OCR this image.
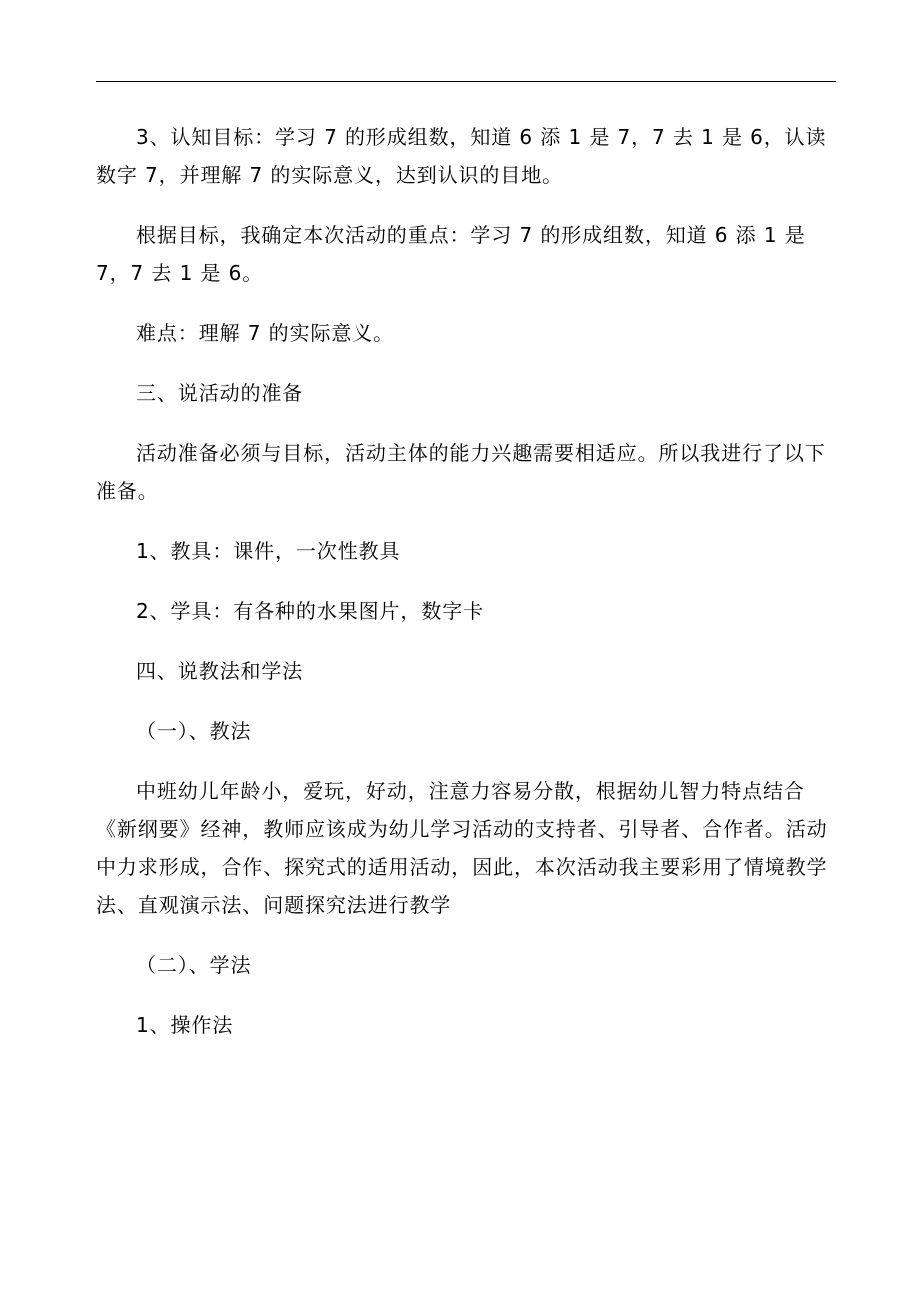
3、认知目标：学习 7 的形成组数，知道 6 添 1 是 7，7 去 1 是 6，认读数字 7，并理解 7 的实际意义，达到认识的目地。

根据目标，我确定本次活动的重点：学习 7 的形成组数，知道 6 添 1 是 7，7 去 1 是 6。

难点：理解 7 的实际意义。

三、说活动的准备

活动准备必须与目标，活动主体的能力兴趣需要相适应。所以我进行了以下准备。

1、教具：课件，一次性教具

2、学具：有各种的水果图片，数字卡

四、说教法和学法

（一）、教法

中班幼儿年龄小，爱玩，好动，注意力容易分散，根据幼儿智力特点结合《新纲要》经神，教师应该成为幼儿学习活动的支持者、引导者、合作者。活动中力求形成，合作、探究式的适用活动，因此，本次活动我主要彩用了情境教学法、直观演示法、问题探究法进行教学

（二）、学法

1、操作法
